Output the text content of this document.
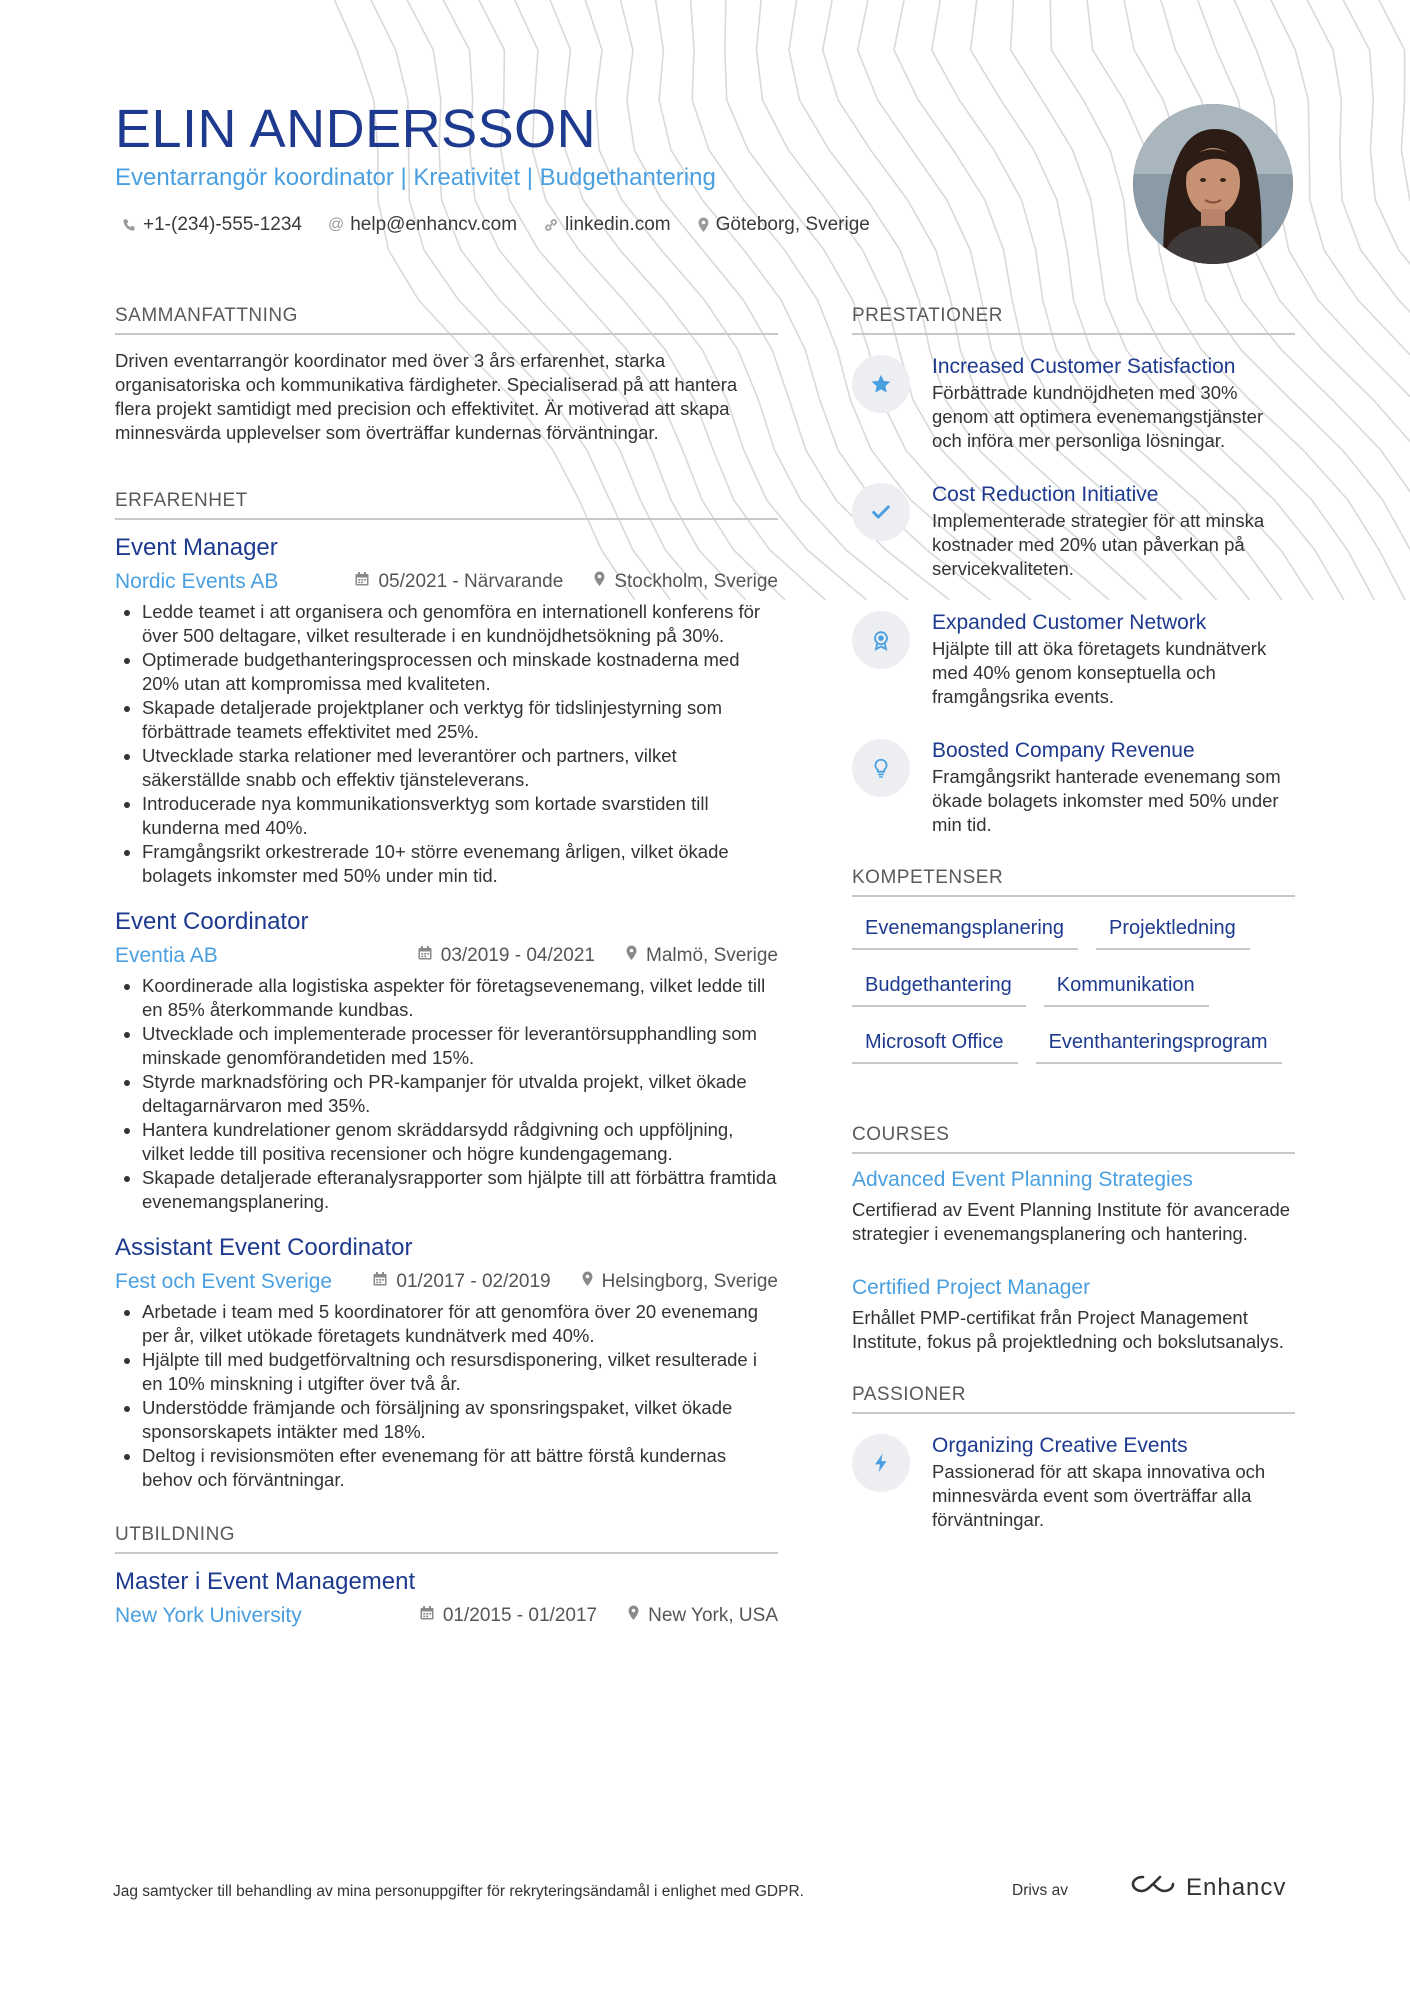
ELIN ANDERSSON
Eventarrangör koordinator | Kreativitet | Budgethantering
+1-(234)-555-1234 @ help@enhancv.com	linkedin.com Göteborg, Sverige
SAMMANFATTNING

Driven eventarrangör koordinator med över 3 års erfarenhet, starka organisatoriska och kommunikativa färdigheter. Specialiserad på att hantera flera projekt samtidigt med precision och effektivitet. Är motiverad att skapa minnesvärda upplevelser som överträffar kundernas förväntningar.

ERFARENHET
Event Manager
Nordic Events AB	05/2021 - Närvarande	Stockholm, Sverige
• Ledde teamet i att organisera och genomföra en internationell konferens för över 500 deltagare, vilket resulterade i en kundnöjdhetsökning på 30%.
• Optimerade budgethanteringsprocessen och minskade kostnaderna med 20% utan att kompromissa med kvaliteten.
• Skapade detaljerade projektplaner och verktyg för tidslinjestyrning som förbättrade teamets effektivitet med 25%.
• Utvecklade starka relationer med leverantörer och partners, vilket säkerställde snabb och effektiv tjänsteleverans.
• Introducerade nya kommunikationsverktyg som kortade svarstiden till kunderna med 40%.
• Framgångsrikt orkestrerade 10+ större evenemang årligen, vilket ökade bolagets inkomster med 50% under min tid.
Event Coordinator
Eventia AB	03/2019 - 04/2021	Malmö, Sverige
• Koordinerade alla logistiska aspekter för företagsevenemang, vilket ledde till en 85% återkommande kundbas.
• Utvecklade och implementerade processer för leverantörsupphandling som minskade genomförandetiden med 15%.
• Styrde marknadsföring och PR-kampanjer för utvalda projekt, vilket ökade deltagarnärvaron med 35%.
• Hantera kundrelationer genom skräddarsydd rådgivning och uppföljning, vilket ledde till positiva recensioner och högre kundengagemang.
• Skapade detaljerade efteranalysrapporter som hjälpte till att förbättra framtida evenemangsplanering.
Assistant Event Coordinator
Fest och Event Sverige	01/2017 - 02/2019	Helsingborg, Sverige
• Arbetade i team med 5 koordinatorer för att genomföra över 20 evenemang per år, vilket utökade företagets kundnätverk med 40%.
• Hjälpte till med budgetförvaltning och resursdisponering, vilket resulterade i en 10% minskning i utgifter över två år.
• Understödde främjande och försäljning av sponsringspaket, vilket ökade sponsorskapets intäkter med 18%.
• Deltog i revisionsmöten efter evenemang för att bättre förstå kundernas behov och förväntningar.
UTBILDNING
Master i Event Management
New York University	01/2015 - 01/2017	New York, USA
PRESTATIONER
Increased Customer Satisfaction
Förbättrade kundnöjdheten med 30% genom att optimera evenemangstjänster och införa mer personliga lösningar.
Cost Reduction Initiative
Implementerade strategier för att minska kostnader med 20% utan påverkan på servicekvaliteten.
Expanded Customer Network
Hjälpte till att öka företagets kundnätverk med 40% genom konseptuella och framgångsrika events.
Boosted Company Revenue
Framgångsrikt hanterade evenemang som ökade bolagets inkomster med 50% under min tid.
KOMPETENSER
Evenemangsplanering	Projektledning
Budgethantering	Kommunikation
Microsoft Office	Eventhanteringsprogram
COURSES
Advanced Event Planning Strategies
Certifierad av Event Planning Institute för avancerade strategier i evenemangsplanering och hantering.
Certified Project Manager
Erhållet PMP-certifikat från Project Management Institute, fokus på projektledning och bokslutsanalys.
PASSIONER
Organizing Creative Events
Passionerad för att skapa innovativa och minnesvärda event som överträffar alla förväntningar.
Jag samtycker till behandling av mina personuppgifter för rekryteringsändamål i enlighet med GDPR.	Drivs av	Enhancv
